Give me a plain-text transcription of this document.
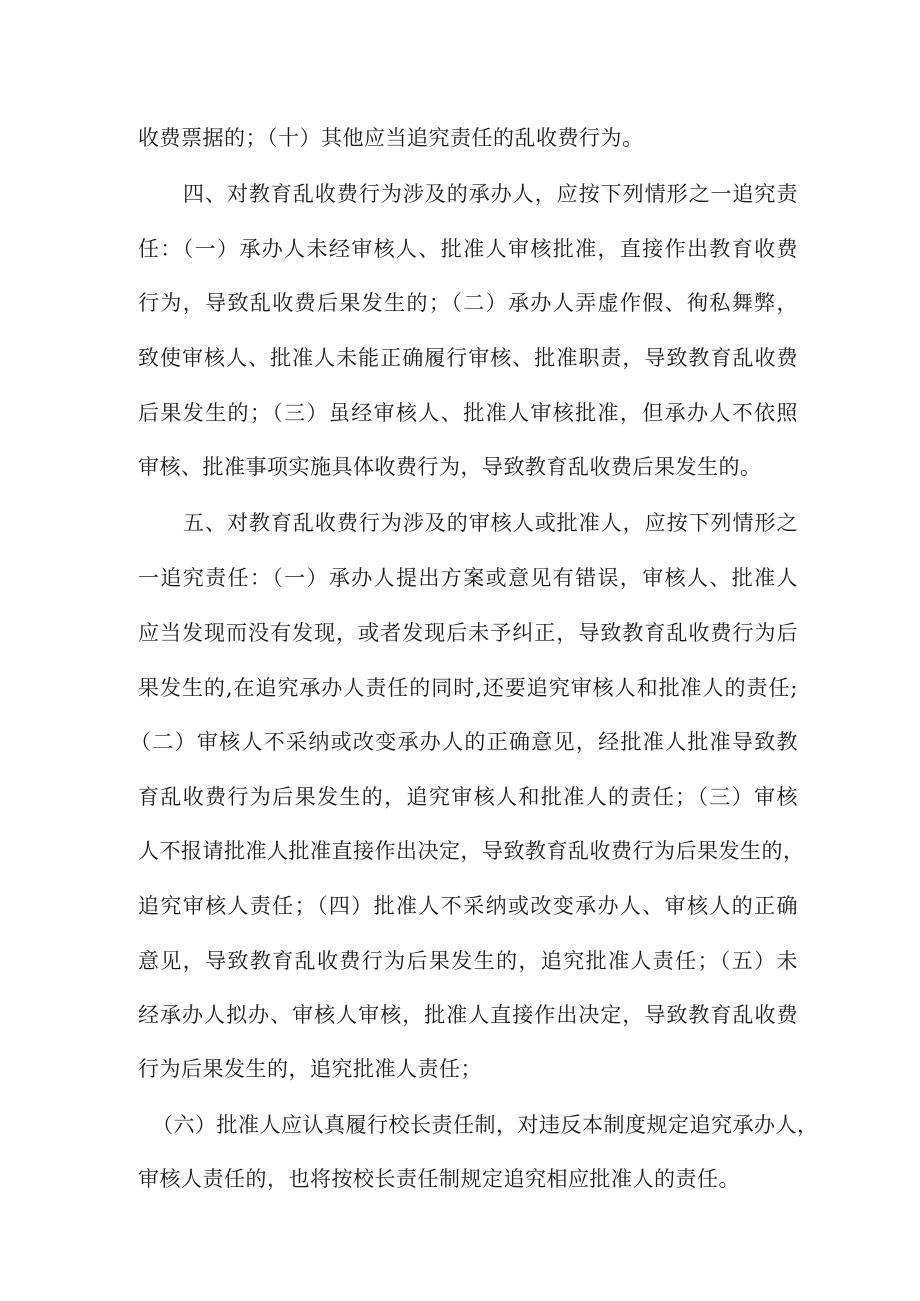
收费票据的；（十）其他应当追究责任的乱收费行为。
四、对教育乱收费行为涉及的承办人，应按下列情形之一追究责
任：（一）承办人未经审核人、批准人审核批准，直接作出教育收费
行为，导致乱收费后果发生的；（二）承办人弄虚作假、徇私舞弊，
致使审核人、批准人未能正确履行审核、批准职责，导致教育乱收费
后果发生的；（三）虽经审核人、批准人审核批准，但承办人不依照
审核、批准事项实施具体收费行为，导致教育乱收费后果发生的。
五、对教育乱收费行为涉及的审核人或批准人，应按下列情形之
一追究责任：（一）承办人提出方案或意见有错误，审核人、批准人
应当发现而没有发现，或者发现后未予纠正，导致教育乱收费行为后
果发生的,在追究承办人责任的同时,还要追究审核人和批准人的责任;
（二）审核人不采纳或改变承办人的正确意见，经批准人批准导致教
育乱收费行为后果发生的，追究审核人和批准人的责任；（三）审核
人不报请批准人批准直接作出决定，导致教育乱收费行为后果发生的，
追究审核人责任；（四）批准人不采纳或改变承办人、审核人的正确
意见，导致教育乱收费行为后果发生的，追究批准人责任；（五）未
经承办人拟办、审核人审核，批准人直接作出决定，导致教育乱收费
行为后果发生的，追究批准人责任；
（六）批准人应认真履行校长责任制，对违反本制度规定追究承办人，
审核人责任的，也将按校长责任制规定追究相应批准人的责任。
